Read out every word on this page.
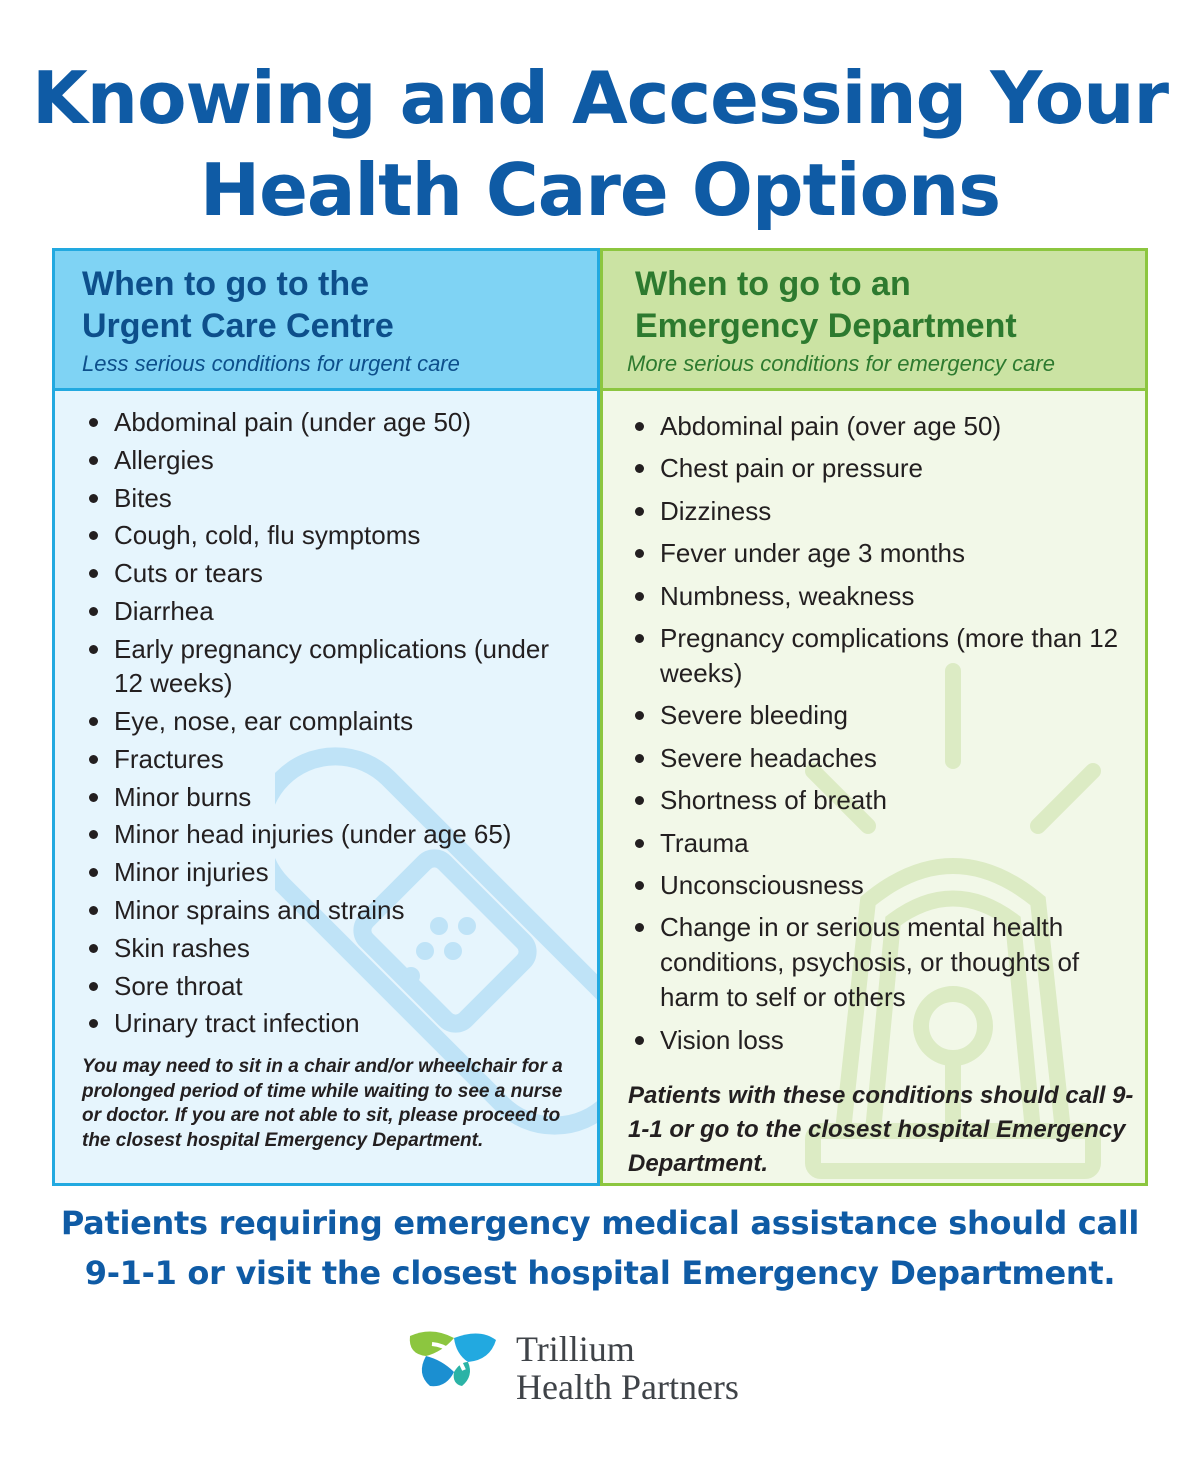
Knowing and Accessing Your
Health Care Options
When to go to the
Urgent Care Centre
Less serious conditions for urgent care
Abdominal pain (under age 50)
Allergies
Bites
Cough, cold, flu symptoms
Cuts or tears
Diarrhea
Early pregnancy complications (under 12 weeks)
Eye, nose, ear complaints
Fractures
Minor burns
Minor head injuries (under age 65)
Minor injuries
Minor sprains and strains
Skin rashes
Sore throat
Urinary tract infection
You may need to sit in a chair and/or wheelchair for a prolonged period of time while waiting to see a nurse or doctor. If you are not able to sit, please proceed to the closest hospital Emergency Department.
When to go to an
Emergency Department
More serious conditions for emergency care
Abdominal pain (over age 50)
Chest pain or pressure
Dizziness
Fever under age 3 months
Numbness, weakness
Pregnancy complications (more than 12 weeks)
Severe bleeding
Severe headaches
Shortness of breath
Trauma
Unconsciousness
Change in or serious mental health conditions, psychosis, or thoughts of harm to self or others
Vision loss
Patients with these conditions should call 9-1-1 or go to the closest hospital Emergency Department.
Patients requiring emergency medical assistance should call
9-1-1 or visit the closest hospital Emergency Department.
Trillium
Health Partners
